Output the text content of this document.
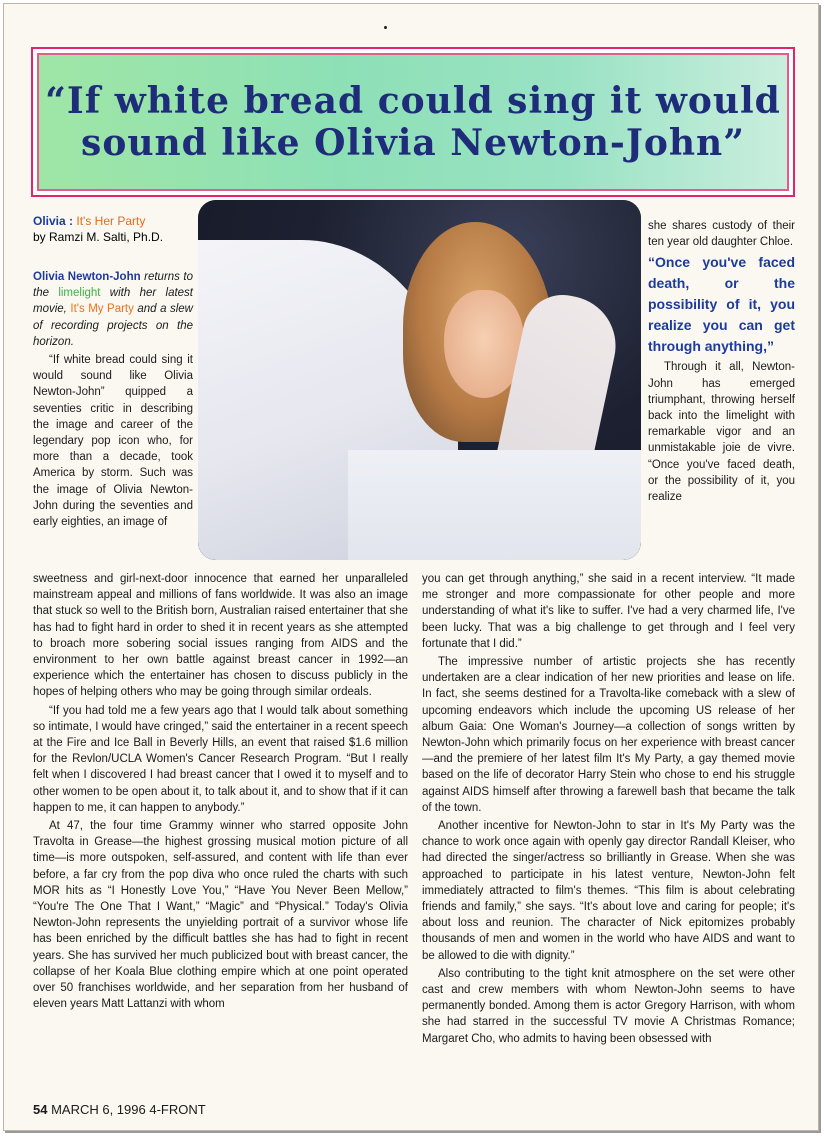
“If white bread could sing it would sound like Olivia Newton-John”
Olivia : It's Her Party
by Ramzi M. Salti, Ph.D.

Olivia Newton-John returns to the limelight with her latest movie, It's My Party and a slew of recording projects on the horizon.

“If white bread could sing it would sound like Olivia Newton-John” quipped a seventies critic in describing the image and career of the legendary pop icon who, for more than a decade, took America by storm. Such was the image of Olivia Newton-John during the seventies and early eighties, an image of

she shares custody of their ten year old daughter Chloe.

“Once you've faced death, or the possibility of it, you realize you can get through anything,”

Through it all, Newton-John has emerged triumphant, throwing herself back into the limelight with remarkable vigor and an unmistakable joie de vivre. “Once you've faced death, or the possibility of it, you realize

sweetness and girl-next-door innocence that earned her unparalleled mainstream appeal and millions of fans worldwide. It was also an image that stuck so well to the British born, Australian raised entertainer that she has had to fight hard in order to shed it in recent years as she attempted to broach more sobering social issues ranging from AIDS and the environment to her own battle against breast cancer in 1992—an experience which the entertainer has chosen to discuss publicly in the hopes of helping others who may be going through similar ordeals.

“If you had told me a few years ago that I would talk about something so intimate, I would have cringed,” said the entertainer in a recent speech at the Fire and Ice Ball in Beverly Hills, an event that raised $1.6 million for the Revlon/UCLA Women's Cancer Research Program. “But I really felt when I discovered I had breast cancer that I owed it to myself and to other women to be open about it, to talk about it, and to show that if it can happen to me, it can happen to anybody.”

At 47, the four time Grammy winner who starred opposite John Travolta in Grease—the highest grossing musical motion picture of all time—is more outspoken, self-assured, and content with life than ever before, a far cry from the pop diva who once ruled the charts with such MOR hits as “I Honestly Love You,” “Have You Never Been Mellow,” “You're The One That I Want,” “Magic” and “Physical.” Today's Olivia Newton-John represents the unyielding portrait of a survivor whose life has been enriched by the difficult battles she has had to fight in recent years. She has survived her much publicized bout with breast cancer, the collapse of her Koala Blue clothing empire which at one point operated over 50 franchises worldwide, and her separation from her husband of eleven years Matt Lattanzi with whom

you can get through anything,” she said in a recent interview. “It made me stronger and more compassionate for other people and more understanding of what it's like to suffer. I've had a very charmed life, I've been lucky. That was a big challenge to get through and I feel very fortunate that I did.”

The impressive number of artistic projects she has recently undertaken are a clear indication of her new priorities and lease on life. In fact, she seems destined for a Travolta-like comeback with a slew of upcoming endeavors which include the upcoming US release of her album Gaia: One Woman's Journey—a collection of songs written by Newton-John which primarily focus on her experience with breast cancer—and the premiere of her latest film It's My Party, a gay themed movie based on the life of decorator Harry Stein who chose to end his struggle against AIDS himself after throwing a farewell bash that became the talk of the town.

Another incentive for Newton-John to star in It's My Party was the chance to work once again with openly gay director Randall Kleiser, who had directed the singer/actress so brilliantly in Grease. When she was approached to participate in his latest venture, Newton-John felt immediately attracted to film's themes. “This film is about celebrating friends and family,” she says. “It's about love and caring for people; it's about loss and reunion. The character of Nick epitomizes probably thousands of men and women in the world who have AIDS and want to be allowed to die with dignity.”

Also contributing to the tight knit atmosphere on the set were other cast and crew members with whom Newton-John seems to have permanently bonded. Among them is actor Gregory Harrison, with whom she had starred in the successful TV movie A Christmas Romance; Margaret Cho, who admits to having been obsessed with

54 MARCH 6, 1996 4-FRONT
